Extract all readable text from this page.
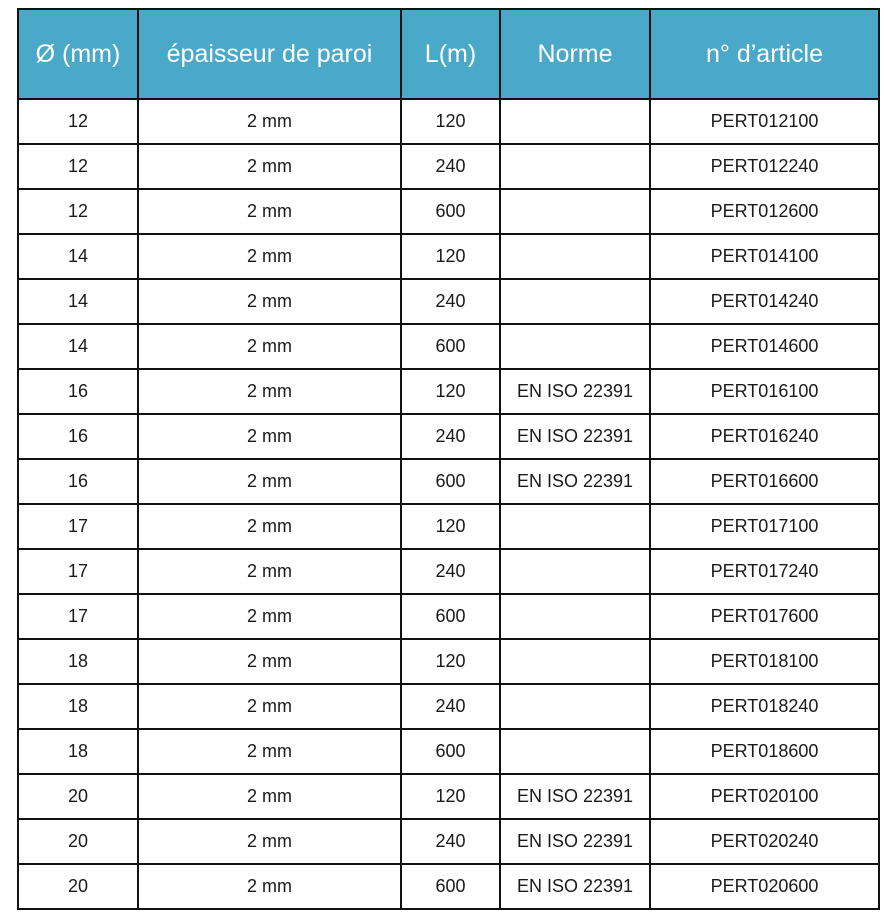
Ø (mm)	épaisseur de paroi	L(m)	Norme	n° d’article
12	2 mm	120		PERT012100
12	2 mm	240		PERT012240
12	2 mm	600		PERT012600
14	2 mm	120		PERT014100
14	2 mm	240		PERT014240
14	2 mm	600		PERT014600
16	2 mm	120	EN ISO 22391	PERT016100
16	2 mm	240	EN ISO 22391	PERT016240
16	2 mm	600	EN ISO 22391	PERT016600
17	2 mm	120		PERT017100
17	2 mm	240		PERT017240
17	2 mm	600		PERT017600
18	2 mm	120		PERT018100
18	2 mm	240		PERT018240
18	2 mm	600		PERT018600
20	2 mm	120	EN ISO 22391	PERT020100
20	2 mm	240	EN ISO 22391	PERT020240
20	2 mm	600	EN ISO 22391	PERT020600
